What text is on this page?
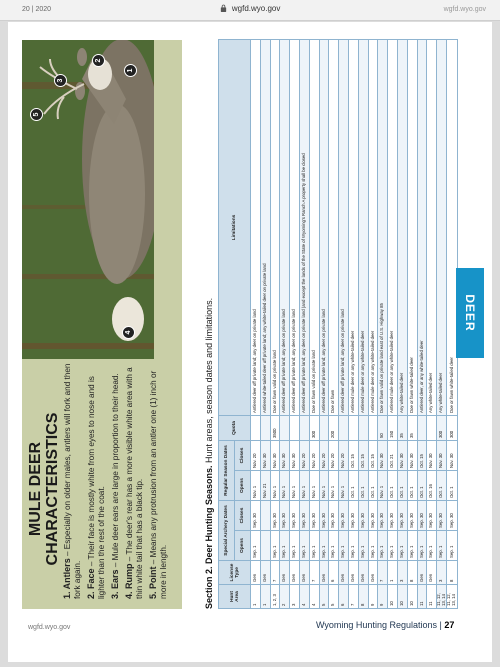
20 | 2020	wgfd.wyo.gov	wgfd.wyo.gov
MULE DEER CHARACTERISTICS
1. Antlers – Especially on older males, antlers will fork and then fork again. 2. Face – Their face is mostly white from eyes to nose and is lighter than the rest of the coat. 3. Ears – Mule deer ears are large in proportion to their head.
4. Rump – The deer's rear has a more visible white area with a thin white tail that has a black tip. 5. Point – Means any protrusion from an antler one (1) inch or more in length.
1
2
3
4
5
Section 2. Deer Hunting Seasons. Hunt areas, season dates and limitations.
Hunt Area	License Type	Special Archery Dates		Regular Season Dates		Quota	Limitations
		Opens	Closes	Opens	Closes		
1	Gen	Sep. 1	Sep. 30	Nov. 1	Nov. 20		Antlered deer off private land; any deer on private land
1	Gen			Nov. 21	Nov. 30		Antlered white-tailed deer off private land; any white-tailed deer on private land
1, 2, 3	7	Sep. 1	Sep. 30	Nov. 1	Nov. 30	3500	Doe or fawn valid on private land
2	Gen	Sep. 1	Sep. 30	Nov. 1	Nov. 30		Antlered deer off private land; any deer on private land
3	Gen	Sep. 1	Sep. 30	Nov. 1	Nov. 30		Antlered deer off private land; any deer on private land
4	Gen	Sep. 1	Sep. 30	Nov. 1	Nov. 20		Antlered deer off private land; any deer on private land (and except the lands of the State of Wyoming's Ranch A property shall be closed
4	7	Sep. 1	Sep. 30	Nov. 1	Nov. 20	300	Doe or fawn valid on private land
5	Gen	Sep. 1	Sep. 30	Nov. 1	Nov. 20		Antlered deer off private land; any deer on private land
5	6	Sep. 1	Sep. 30	Nov. 1	Nov. 20	200	Doe or fawn
6	Gen	Sep. 1	Sep. 30	Nov. 1	Nov. 20		Antlered deer off private land; any deer on private land
7	Gen	Sep. 1	Sep. 30	Oct. 1	Oct. 15		Antlered mule deer or any white-tailed deer
8	Gen	Sep. 1	Sep. 30	Oct. 1	Oct. 15		Antlered mule deer or any white-tailed deer
9	Gen	Sep. 1	Sep. 30	Oct. 1	Oct. 15		Antlered mule deer or any white-tailed deer
9	7	Sep. 1	Sep. 30	Nov. 1	Nov. 30	50	Doe or fawn valid on private land east of U.S. Highway 85
10	1	Sep. 1	Sep. 30	Oct. 1	Oct. 21	150	Antlered mule deer or any white-tailed deer
10	3	Sep. 1	Sep. 30	Oct. 1	Nov. 30	35	Any white-tailed deer
10	8	Sep. 1	Sep. 30	Oct. 1	Nov. 30	35	Doe or fawn white-tailed deer
11	Gen	Sep. 1	Sep. 30	Oct. 1	Oct. 15		Antlered deer, or any white-tailed deer
11	Gen	Sep. 1	Sep. 30	Oct. 16	Nov. 30		Any white-tailed deer
11, 12, 13, 14	3	Sep. 1	Sep. 30	Oct. 1	Nov. 30	300	Any white-tailed deer
11, 12, 13, 14	8	Sep. 1	Sep. 30	Oct. 1	Nov. 30	300	Doe or fawn white-tailed deer
DEER
wgfd.wyo.gov	Wyoming Hunting Regulations | 27
